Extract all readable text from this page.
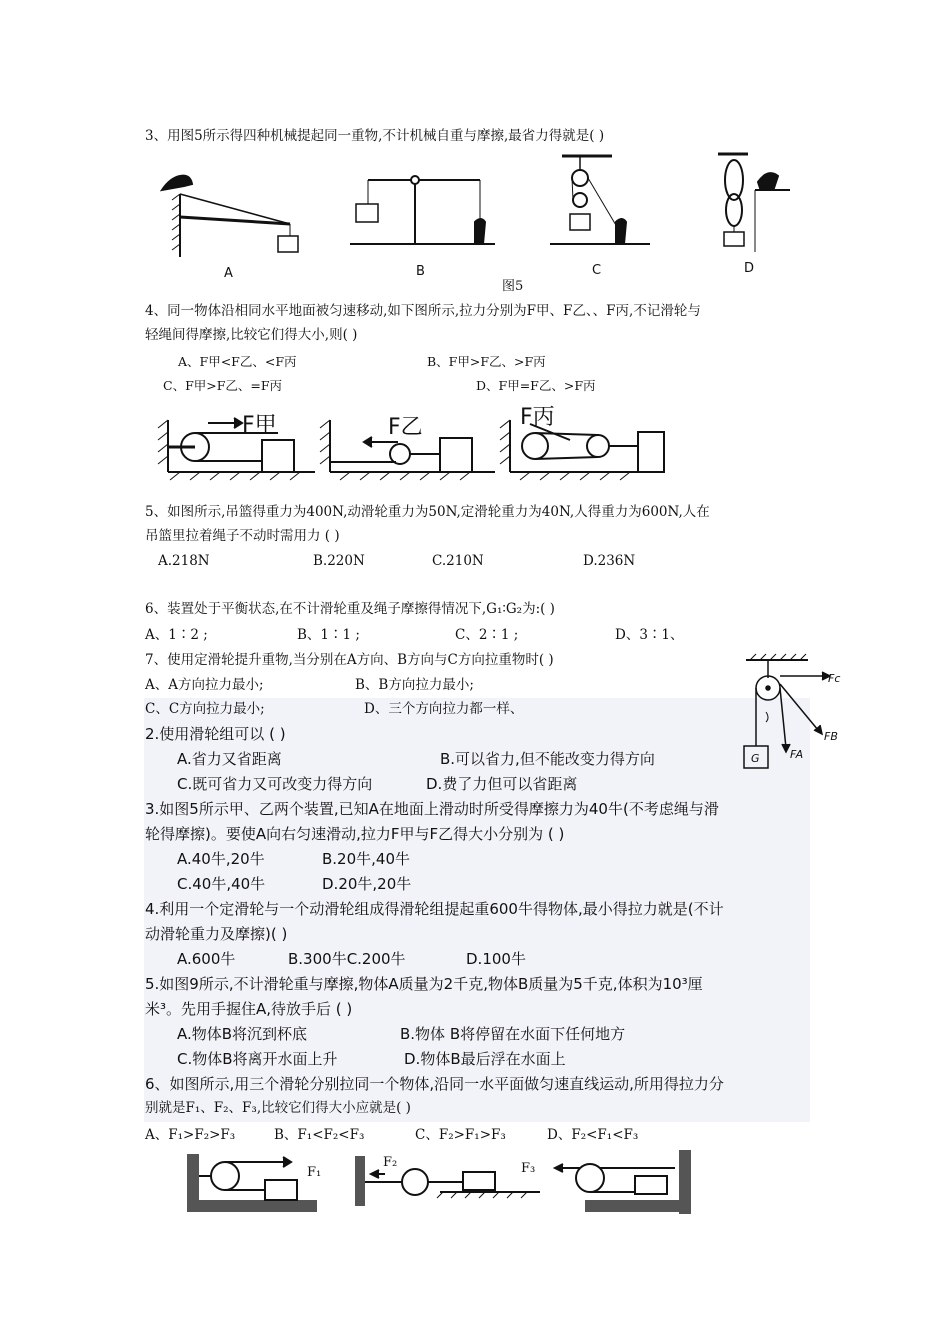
3、用图5所示得四种机械提起同一重物,不计机械自重与摩擦,最省力得就是( )
A	B	C	D
图5
4、同一物体沿相同水平地面被匀速移动,如下图所示,拉力分别为F甲、F乙、、F丙,不记滑轮与
轻绳间得摩擦,比较它们得大小,则( )
A、F甲<F乙、<F丙	B、F甲>F乙、>F丙
C、F甲>F乙、=F丙	D、F甲=F乙、>F丙
F甲	F乙	F丙
5、如图所示,吊篮得重力为400N,动滑轮重力为50N,定滑轮重力为40N,人得重力为600N,人在
吊篮里拉着绳子不动时需用力 ( )
A.218N	B.220N	C.210N	D.236N
6、装置处于平衡状态,在不计滑轮重及绳子摩擦得情况下,G₁∶G₂为:( )
A、1∶2 ;	B、1∶1 ;	C、2∶1 ;	D、3∶1、
7、使用定滑轮提升重物,当分别在A方向、B方向与C方向拉重物时( )
A、A方向拉力最小;	B、B方向拉力最小;
C、C方向拉力最小;	D、三个方向拉力都一样、
Fc
FB
FA
G
2.使用滑轮组可以 ( )
A.省力又省距离	B.可以省力,但不能改变力得方向
C.既可省力又可改变力得方向	D.费了力但可以省距离
3.如图5所示甲、乙两个装置,已知A在地面上滑动时所受得摩擦力为40牛(不考虑绳与滑
轮得摩擦)。要使A向右匀速滑动,拉力F甲与F乙得大小分别为 ( )
A.40牛,20牛	B.20牛,40牛
C.40牛,40牛	D.20牛,20牛
4.利用一个定滑轮与一个动滑轮组成得滑轮组提起重600牛得物体,最小得拉力就是(不计
动滑轮重力及摩擦)( )
A.600牛	B.300牛C.200牛	D.100牛
5.如图9所示,不计滑轮重与摩擦,物体A质量为2千克,物体B质量为5千克,体积为10³厘
米³。先用手握住A,待放手后 ( )
A.物体B将沉到杯底	B.物体 B将停留在水面下任何地方
C.物体B将离开水面上升	D.物体B最后浮在水面上
6、如图所示,用三个滑轮分别拉同一个物体,沿同一水平面做匀速直线运动,所用得拉力分
别就是F₁、F₂、F₃,比较它们得大小应就是( )
A、F₁>F₂>F₃	B、F₁<F₂<F₃	C、F₂>F₁>F₃	D、F₂<F₁<F₃
F₁
F₂	F₃
